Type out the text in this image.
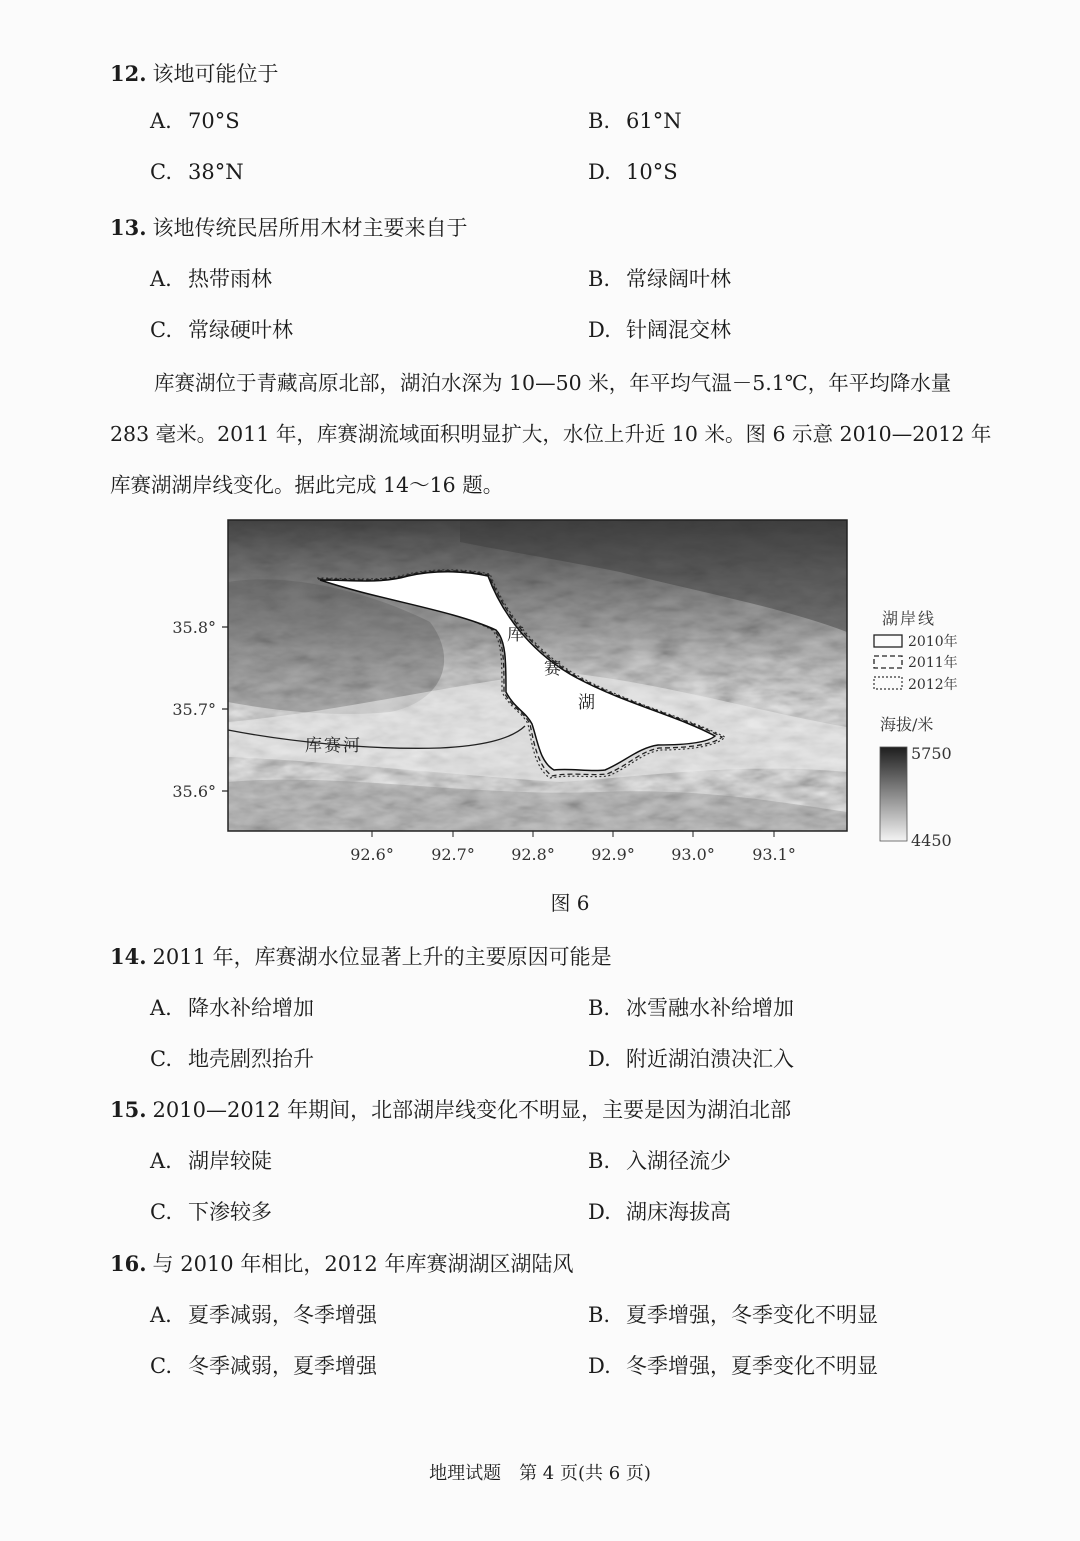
12. 该地可能位于
A. 70°S	B. 61°N
C. 38°N	D. 10°S
13. 该地传统民居所用木材主要来自于
A. 热带雨林	B. 常绿阔叶林
C. 常绿硬叶林	D. 针阔混交林
库赛湖位于青藏高原北部，湖泊水深为 10—50 米，年平均气温－5.1℃，年平均降水量
283 毫米。2011 年，库赛湖流域面积明显扩大，水位上升近 10 米。图 6 示意 2010—2012 年
库赛湖湖岸线变化。据此完成 14～16 题。
库
赛
湖
库赛河
35.8°
35.7°
35.6°
92.6° 92.7° 92.8° 92.9° 93.0° 93.1°
湖岸线
2010年
2011年
2012年
海拔/米
5750
4450
图 6
14. 2011 年，库赛湖水位显著上升的主要原因可能是
A. 降水补给增加	B. 冰雪融水补给增加
C. 地壳剧烈抬升	D. 附近湖泊溃决汇入
15. 2010—2012 年期间，北部湖岸线变化不明显，主要是因为湖泊北部
A. 湖岸较陡	B. 入湖径流少
C. 下渗较多	D. 湖床海拔高
16. 与 2010 年相比，2012 年库赛湖湖区湖陆风
A. 夏季减弱，冬季增强	B. 夏季增强，冬季变化不明显
C. 冬季减弱，夏季增强	D. 冬季增强，夏季变化不明显
地理试题　第 4 页(共 6 页)
